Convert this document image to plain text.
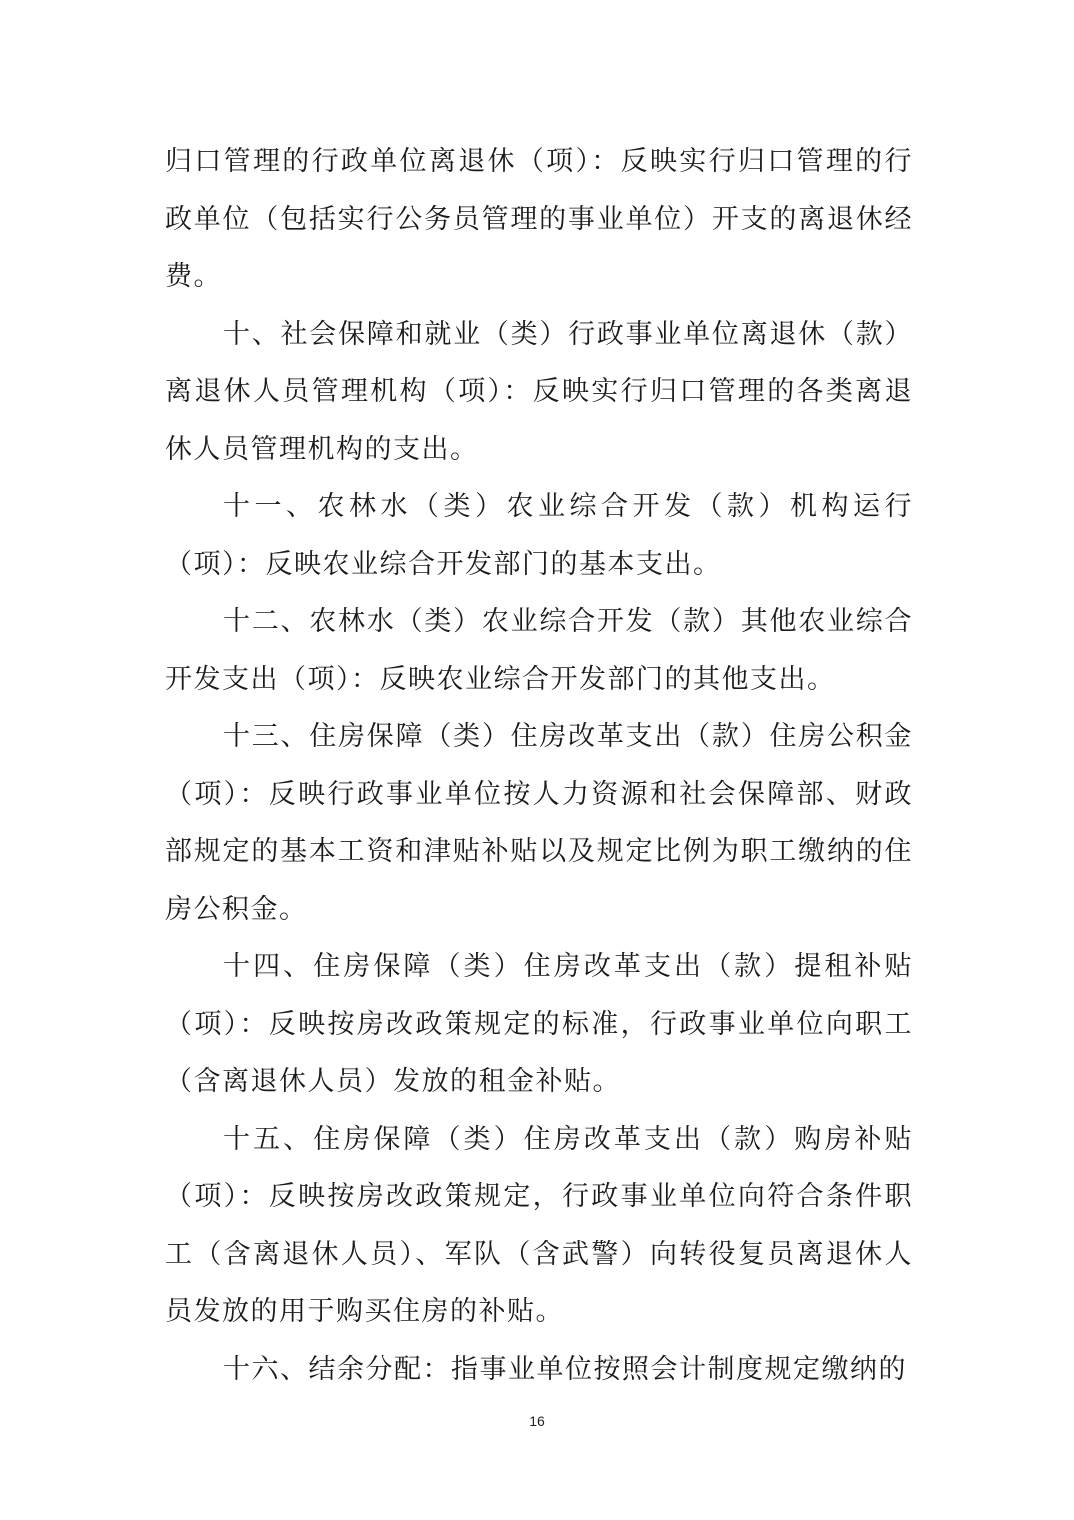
归口管理的行政单位离退休（项）：反映实行归口管理的行政单位（包括实行公务员管理的事业单位）开支的离退休经费。

十、社会保障和就业（类）行政事业单位离退休（款）离退休人员管理机构（项）：反映实行归口管理的各类离退休人员管理机构的支出。

十一、农林水（类）农业综合开发（款）机构运行（项）：反映农业综合开发部门的基本支出。

十二、农林水（类）农业综合开发（款）其他农业综合开发支出（项）：反映农业综合开发部门的其他支出。

十三、住房保障（类）住房改革支出（款）住房公积金（项）：反映行政事业单位按人力资源和社会保障部、财政部规定的基本工资和津贴补贴以及规定比例为职工缴纳的住房公积金。

十四、住房保障（类）住房改革支出（款）提租补贴（项）：反映按房改政策规定的标准，行政事业单位向职工（含离退休人员）发放的租金补贴。

十五、住房保障（类）住房改革支出（款）购房补贴（项）：反映按房改政策规定，行政事业单位向符合条件职工（含离退休人员）、军队（含武警）向转役复员离退休人员发放的用于购买住房的补贴。

十六、结余分配：指事业单位按照会计制度规定缴纳的

16
